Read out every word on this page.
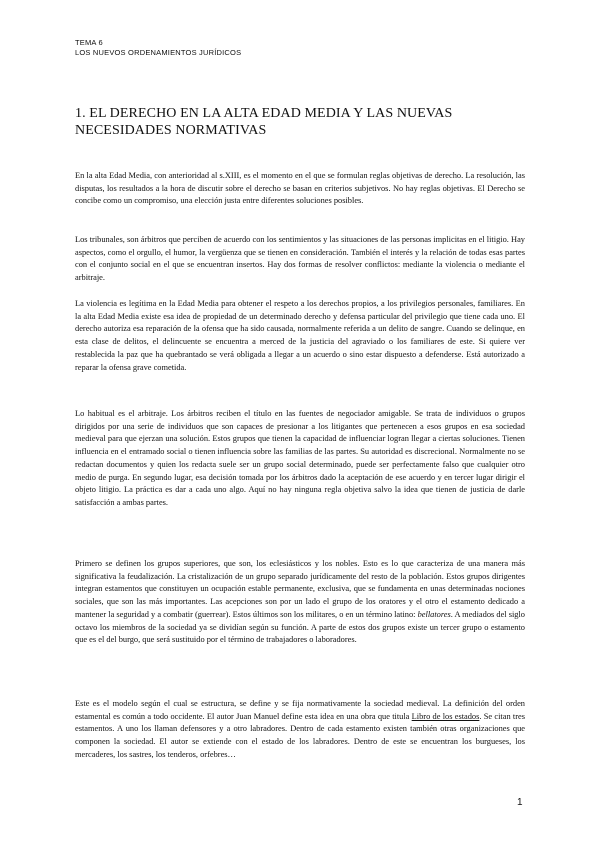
TEMA 6
LOS NUEVOS ORDENAMIENTOS JURÍDICOS
1. EL DERECHO EN LA ALTA EDAD MEDIA Y LAS NUEVAS NECESIDADES NORMATIVAS

En la alta Edad Media, con anterioridad al s.XIII, es el momento en el que se formulan reglas objetivas de derecho. La resolución, las disputas, los resultados a la hora de discutir sobre el derecho se basan en criterios subjetivos. No hay reglas objetivas. El Derecho se concibe como un compromiso, una elección justa entre diferentes soluciones posibles.

Los tribunales, son árbitros que perciben de acuerdo con los sentimientos y las situaciones de las personas implicitas en el litigio. Hay aspectos, como el orgullo, el humor, la vergüenza que se tienen en consideración. También el interés y la relación de todas esas partes con el conjunto social en el que se encuentran insertos. Hay dos formas de resolver conflictos: mediante la violencia o mediante el arbitraje.

La violencia es legítima en la Edad Media para obtener el respeto a los derechos propios, a los privilegios personales, familiares. En la alta Edad Media existe esa idea de propiedad de un determinado derecho y defensa particular del privilegio que tiene cada uno. El derecho autoriza esa reparación de la ofensa que ha sido causada, normalmente referida a un delito de sangre. Cuando se delinque, en esta clase de delitos, el delincuente se encuentra a merced de la justicia del agraviado o los familiares de este. Si quiere ver restablecida la paz que ha quebrantado se verá obligada a llegar a un acuerdo o sino estar dispuesto a defenderse. Está autorizado a reparar la ofensa grave cometida.

Lo habitual es el arbitraje. Los árbitros reciben el título en las fuentes de negociador amigable. Se trata de individuos o grupos dirigidos por una serie de individuos que son capaces de presionar a los litigantes que pertenecen a esos grupos en esa sociedad medieval para que ejerzan una solución. Estos grupos que tienen la capacidad de influenciar logran llegar a ciertas soluciones. Tienen influencia en el entramado social o tienen influencia sobre las familias de las partes. Su autoridad es discrecional. Normalmente no se redactan documentos y quien los redacta suele ser un grupo social determinado, puede ser perfectamente falso que cualquier otro medio de purga. En segundo lugar, esa decisión tomada por los árbitros dado la aceptación de ese acuerdo y en tercer lugar dirigir el objeto litigio. La práctica es dar a cada uno algo. Aquí no hay ninguna regla objetiva salvo la idea que tienen de justicia de darle satisfacción a ambas partes.

Primero se definen los grupos superiores, que son, los eclesiásticos y los nobles. Esto es lo que caracteriza de una manera más significativa la feudalización. La cristalización de un grupo separado jurídicamente del resto de la población. Estos grupos dirigentes integran estamentos que constituyen un ocupación estable permanente, exclusiva, que se fundamenta en unas determinadas nociones sociales, que son las más importantes. Las acepciones son por un lado el grupo de los oratores y el otro el estamento dedicado a mantener la seguridad y a combatir (guerrear). Estos últimos son los militares, o en un término latino: bellatores. A mediados del siglo octavo los miembros de la sociedad ya se dividían según su función. A parte de estos dos grupos existe un tercer grupo o estamento que es el del burgo, que será sustituido por el término de trabajadores o laboradores.

Este es el modelo según el cual se estructura, se define y se fija normativamente la sociedad medieval. La definición del orden estamental es común a todo occidente. El autor Juan Manuel define esta idea en una obra que titula Libro de los estados. Se citan tres estamentos. A uno los llaman defensores y a otro labradores. Dentro de cada estamento existen también otras organizaciones que componen la sociedad. El autor se extiende con el estado de los labradores. Dentro de este se encuentran los burgueses, los mercaderes, los sastres, los tenderos, orfebres…

1
